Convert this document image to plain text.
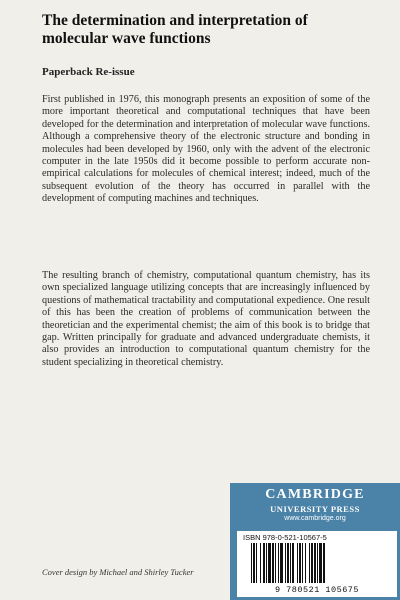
The determination and interpretation of molecular wave functions
Paperback Re-issue
First published in 1976, this monograph presents an exposition of some of the more important theoretical and computational techniques that have been developed for the determination and interpretation of molecular wave functions. Although a comprehensive theory of the electronic structure and bonding in molecules had been developed by 1960, only with the advent of the electronic computer in the late 1950s did it become possible to perform accurate non-empirical calculations for molecules of chemical interest; indeed, much of the subsequent evolution of the theory has occurred in parallel with the development of computing machines and techniques.
The resulting branch of chemistry, computational quantum chemistry, has its own specialized language utilizing concepts that are increasingly influenced by questions of mathematical tractability and computational expedience. One result of this has been the creation of problems of communication between the theoretician and the experimental chemist; the aim of this book is to bridge that gap. Written principally for graduate and advanced undergraduate chemists, it also provides an introduction to computational quantum chemistry for the student specializing in theoretical chemistry.
CAMBRIDGE
UNIVERSITY PRESS
www.cambridge.org
ISBN 978-0-521-10567-5
9 780521 105675
Cover design by Michael and Shirley Tucker
